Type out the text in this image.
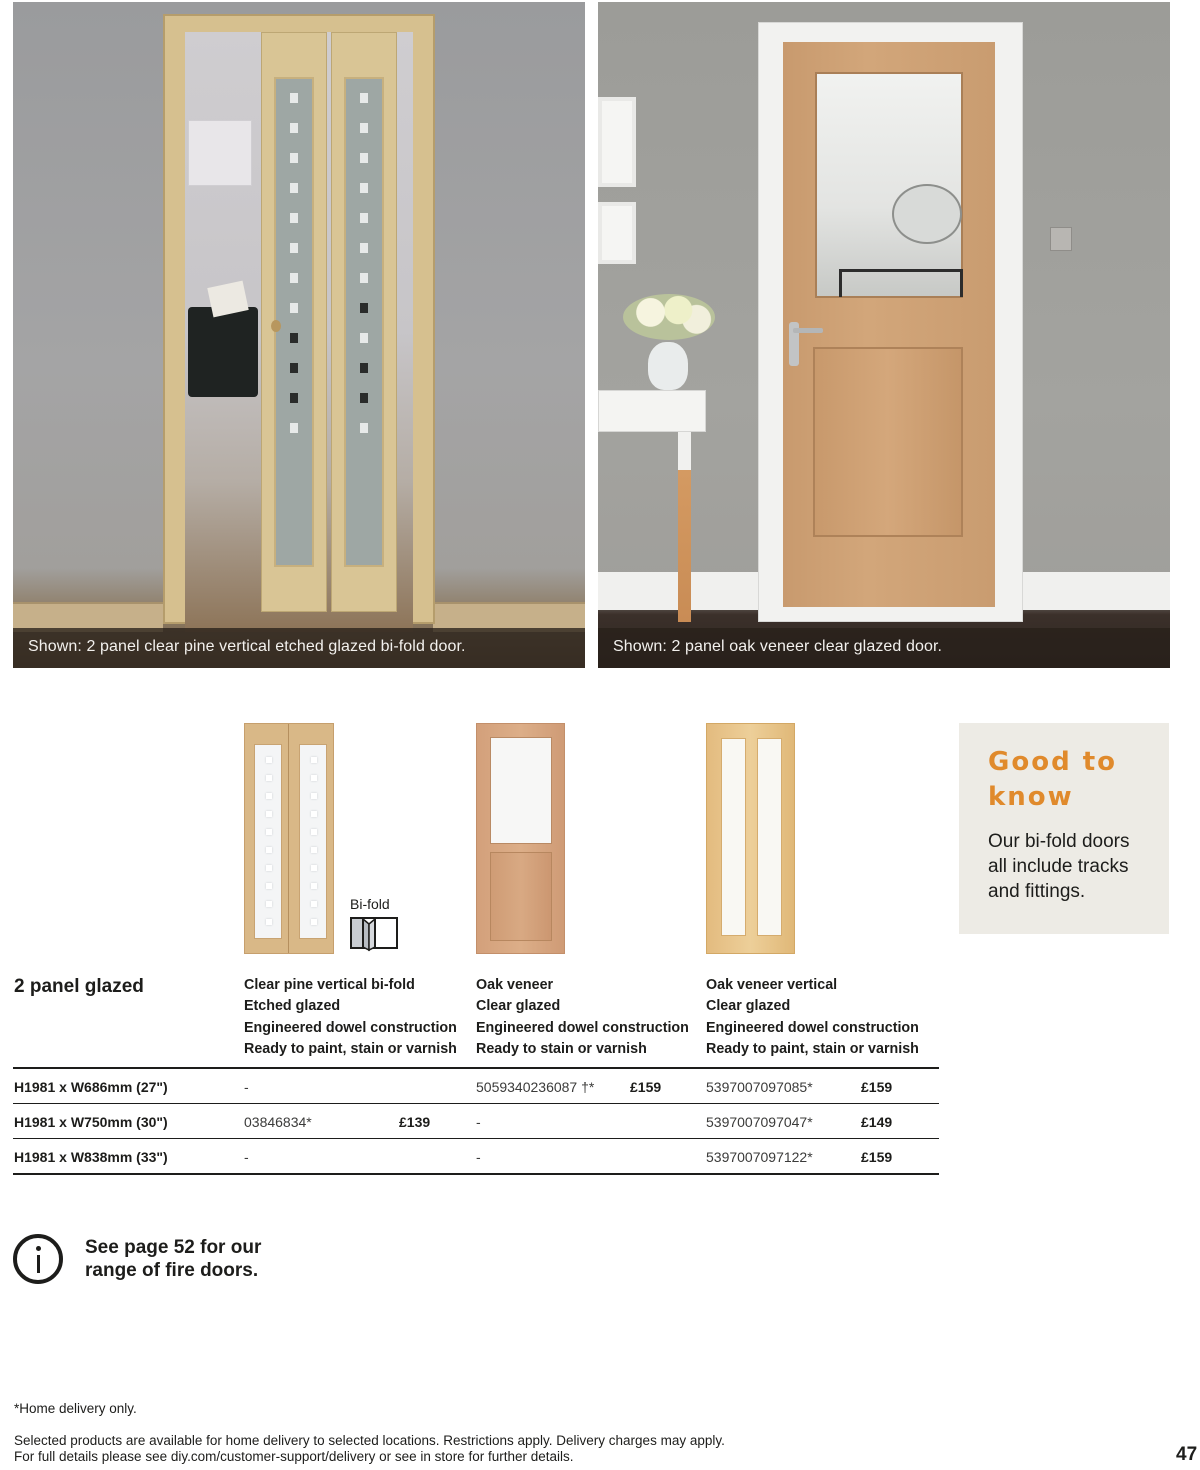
Shown: 2 panel clear pine vertical etched glazed bi-fold door.	Shown: 2 panel oak veneer clear glazed door.
Bi-fold
Good to
know
Our bi-fold doors
all include tracks
and fittings.
2 panel glazed	Clear pine vertical bi-fold
Etched glazed
Engineered dowel construction
Ready to paint, stain or varnish
Oak veneer
Clear glazed
Engineered dowel construction
Ready to stain or varnish
Oak veneer vertical
Clear glazed
Engineered dowel construction
Ready to paint, stain or varnish
H1981 x W686mm (27")	-	5059340236087 †*	£159	5397007097085*	£159
H1981 x W750mm (30")	03846834*	£139	-	5397007097047*	£149
H1981 x W838mm (33")	-	-	5397007097122*	£159
See page 52 for our
range of fire doors.
*Home delivery only.
Selected products are available for home delivery to selected locations. Restrictions apply. Delivery charges may apply.
For full details please see diy.com/customer-support/delivery or see in store for further details.	47
